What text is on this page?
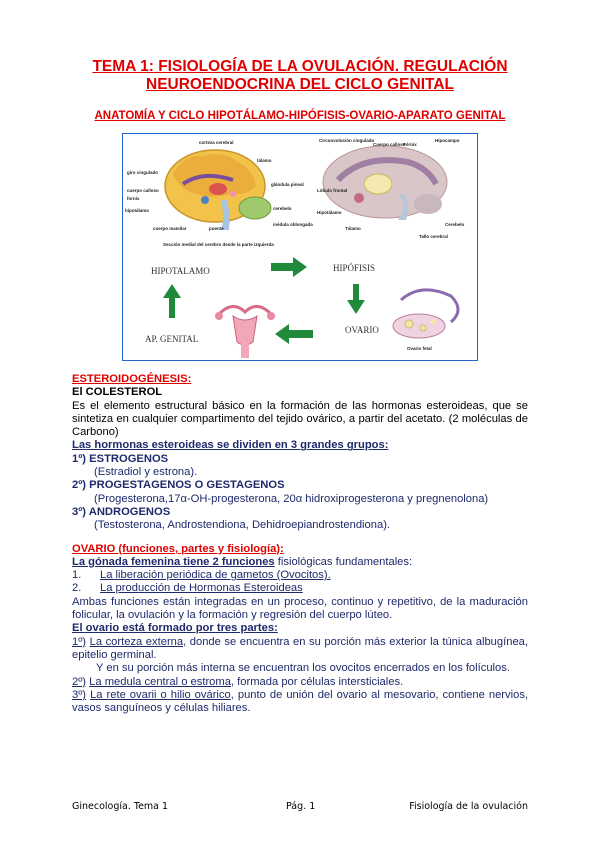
TEMA 1: FISIOLOGÍA DE LA OVULACIÓN. REGULACIÓN
NEUROENDOCRINA DEL CICLO GENITAL
ANATOMÍA Y CICLO HIPOTÁLAMO-HIPÓFISIS-OVARIO-APARATO GENITAL
corteza cerebral
tálamo
giro cingulado
cuerpo calloso
fornix
glándula pineal
hipotálamo	cerebelo
puente
cuerpo mamilar
médula oblongada
Sección medial del cerebro desde la parte izquierda
Circunvolución cingulada
Cuerpo calloso
Fórnix
Hipocampo
Lóbulo frontal
Hipotálamo
Tálamo
Tallo cerebral
Cerebelo
HIPOTALAMO	HIPÓFISIS
OVARIO
AP. GENITAL
Ovario fetal

ESTEROIDOGÉNESIS:

El COLESTEROL

Es el elemento estructural básico en la formación de las hormonas esteroideas, que se sintetiza en cualquier compartimento del tejido ovárico, a partir del acetato. (2 moléculas de Carbono)

Las hormonas esteroideas se dividen en 3 grandes grupos:

1º) ESTROGENOS

(Estradiol y estrona).

2º) PROGESTAGENOS O GESTAGENOS

(Progesterona,17α-OH-progesterona, 20α hidroxiprogesterona y pregnenolona)

3º) ANDROGENOS

(Testosterona, Androstendiona, Dehidroepiandrostendiona).

OVARIO (funciones, partes y fisiología):

La gónada femenina tiene 2 funciones fisiológicas fundamentales:

1. La liberación periódica de gametos (Ovocitos).

2. La producción de Hormonas Esteroideas

Ambas funciones están integradas en un proceso, continuo y repetitivo, de la maduración folicular, la ovulación y la formación y regresión del cuerpo lúteo.

El ovario está formado por tres partes:

1º) La corteza externa, donde se encuentra en su porción más exterior la túnica albugínea, epitelio germinal.

Y en su porción más interna se encuentran los ovocitos encerrados en los folículos.

2º) La medula central o estroma, formada por células intersticiales.

3º) La rete ovarii o hilio ovárico, punto de unión del ovario al mesovario, contiene nervios, vasos sanguíneos y células hiliares.

Ginecología. Tema 1	Pág. 1	Fisiología de la ovulación
